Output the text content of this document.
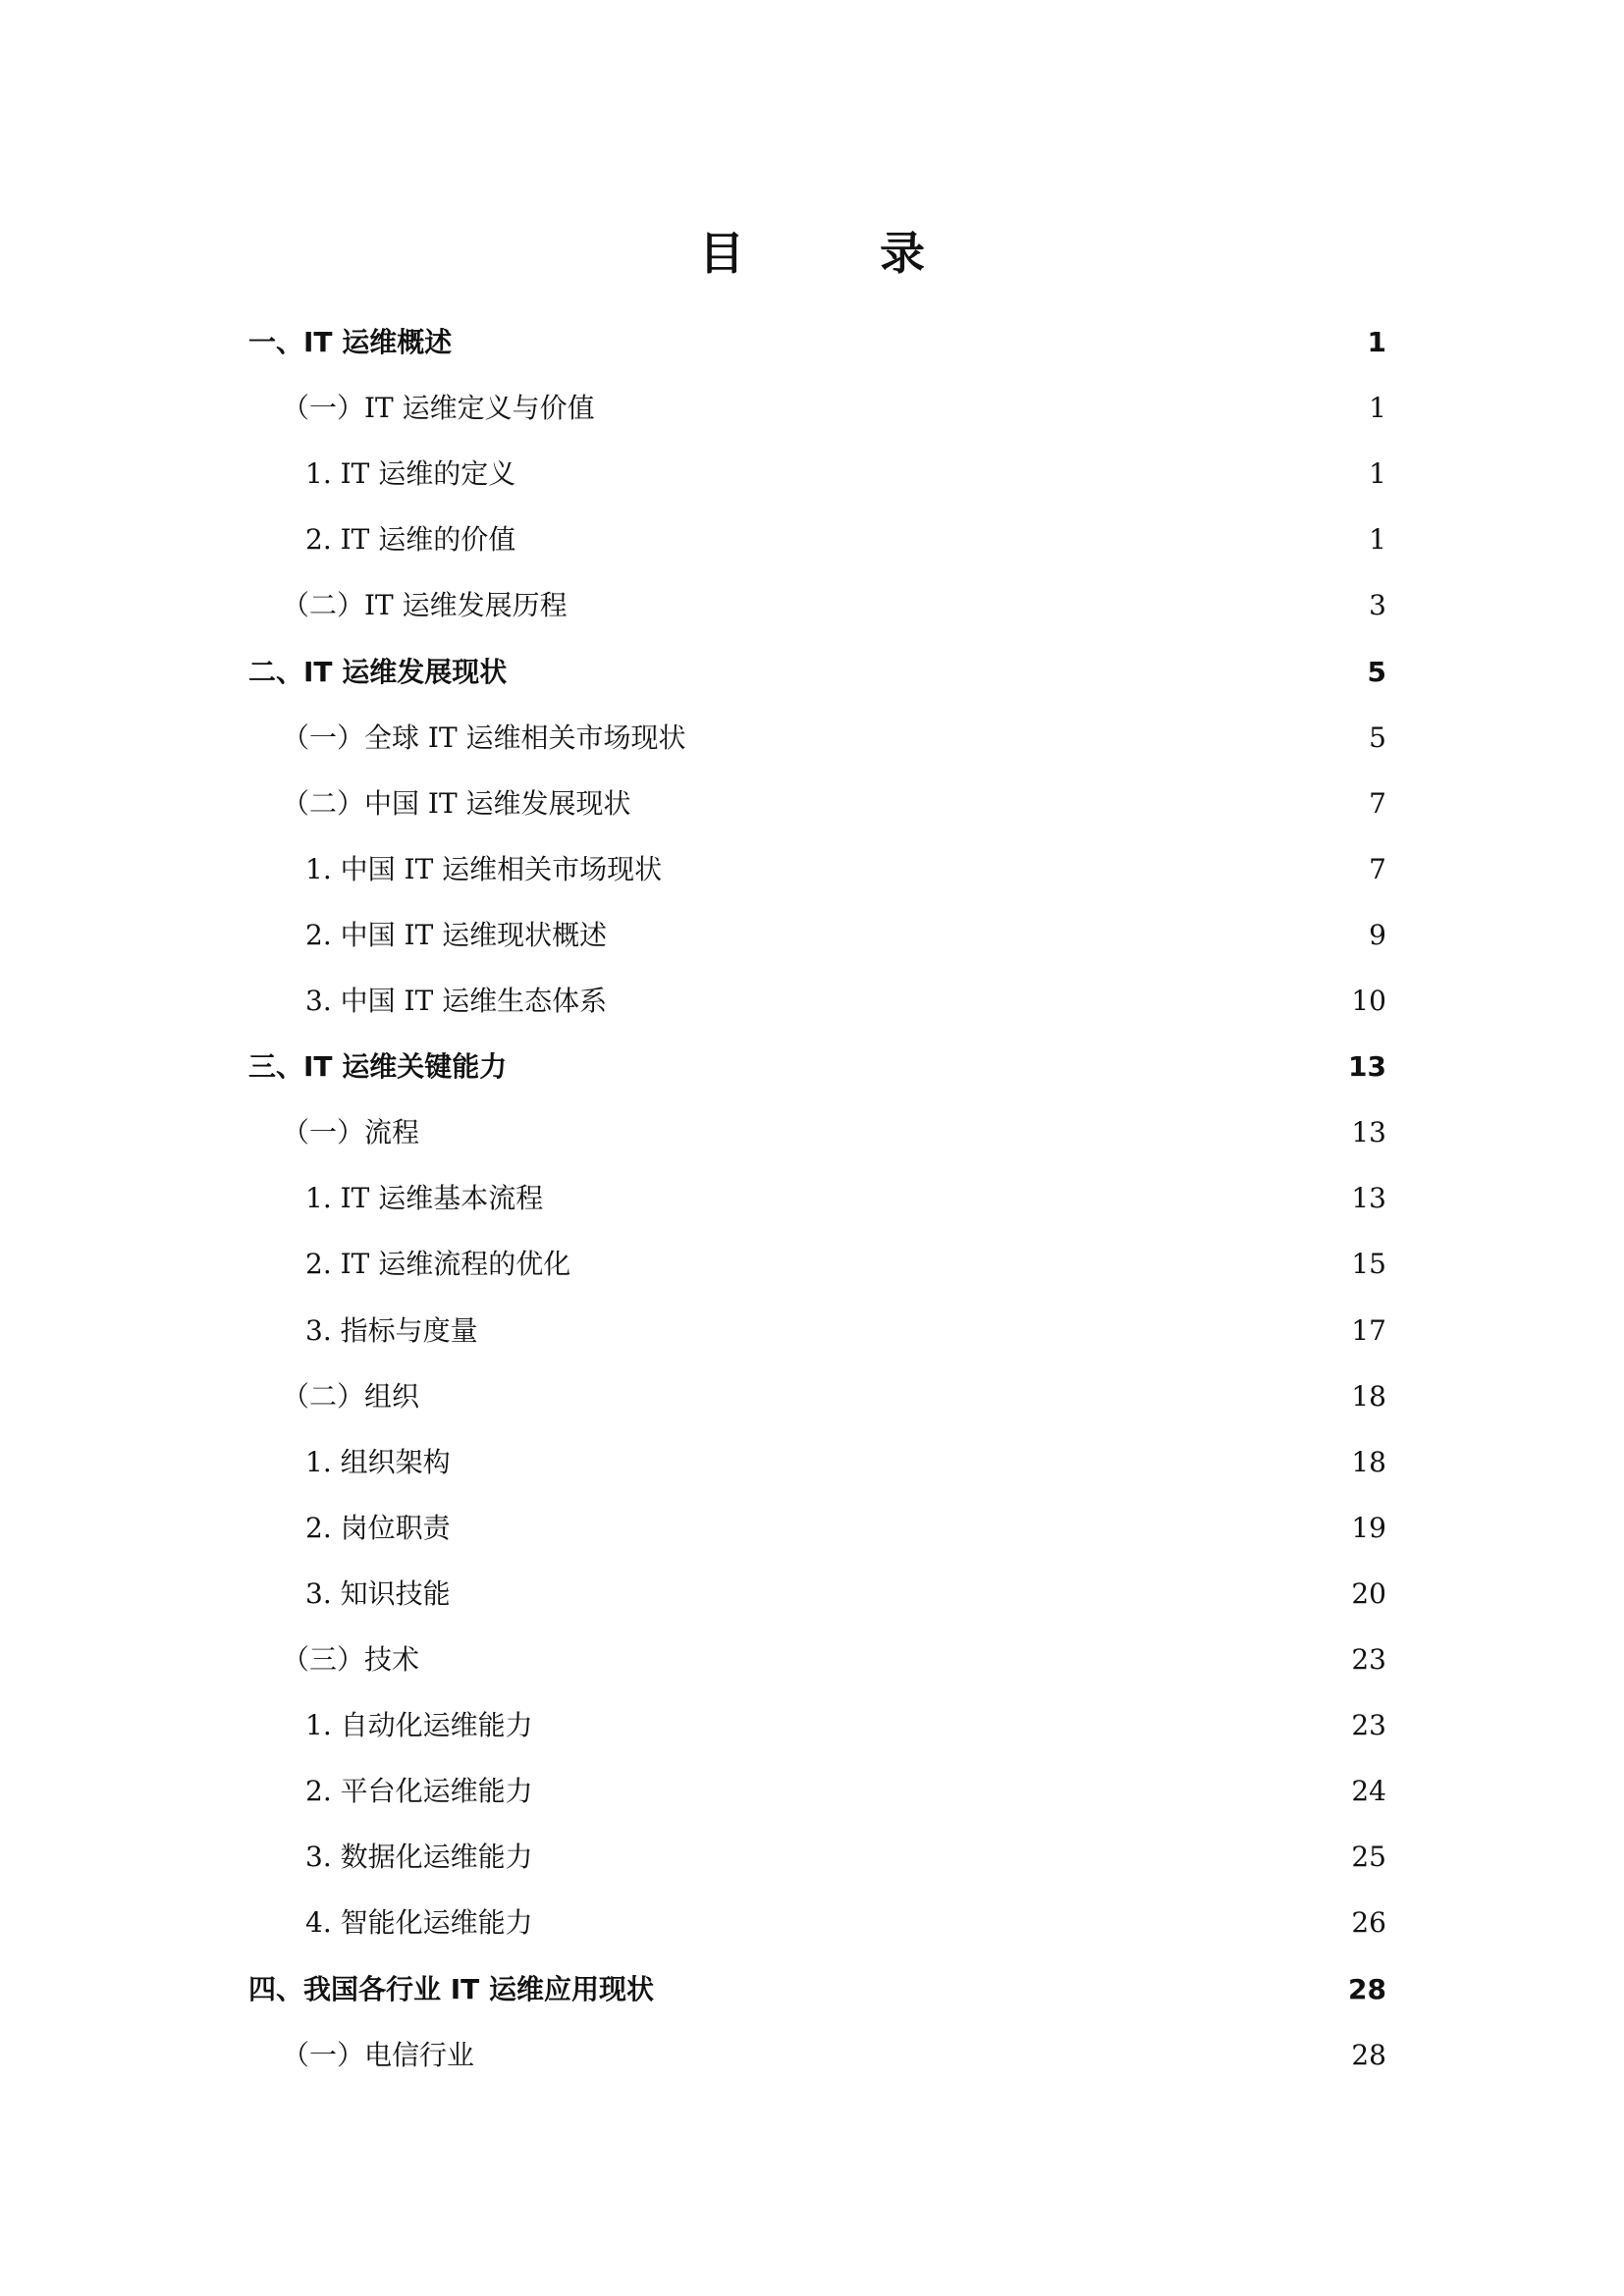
目　录
一、IT 运维概述	1
（一）IT 运维定义与价值	1
1. IT 运维的定义	1
2. IT 运维的价值	1
（二）IT 运维发展历程	3
二、IT 运维发展现状	5
（一）全球 IT 运维相关市场现状	5
（二）中国 IT 运维发展现状	7
1. 中国 IT 运维相关市场现状	7
2. 中国 IT 运维现状概述	9
3. 中国 IT 运维生态体系	10
三、IT 运维关键能力	13
（一）流程	13
1. IT 运维基本流程	13
2. IT 运维流程的优化	15
3. 指标与度量	17
（二）组织	18
1. 组织架构	18
2. 岗位职责	19
3. 知识技能	20
（三）技术	23
1. 自动化运维能力	23
2. 平台化运维能力	24
3. 数据化运维能力	25
4. 智能化运维能力	26
四、我国各行业 IT 运维应用现状	28
（一）电信行业	28
